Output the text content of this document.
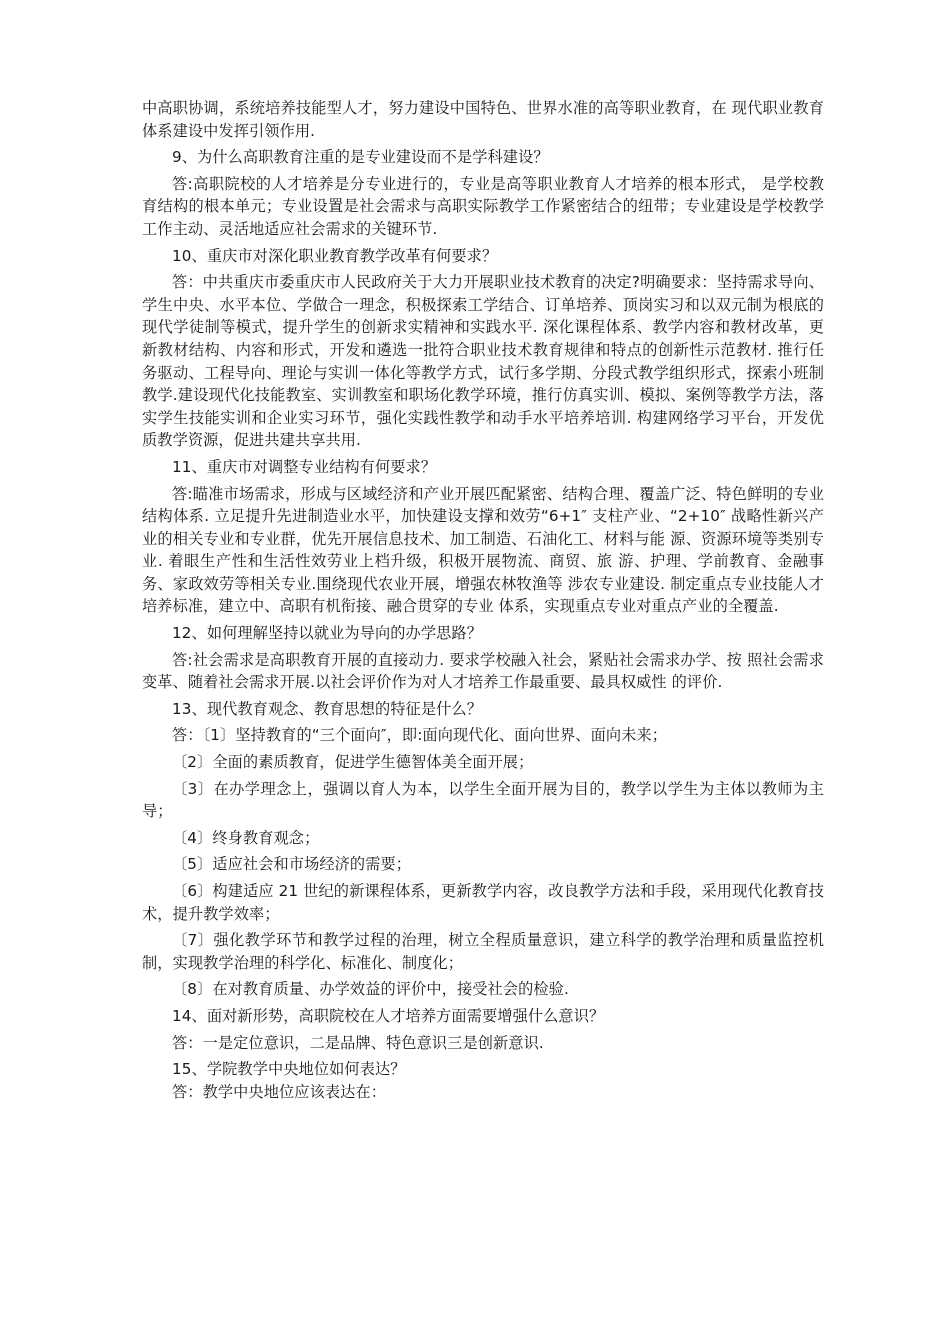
中高职协调，系统培养技能型人才，努力建设中国特色、世界水准的高等职业教育，在 现代职业教育体系建设中发挥引领作用.

9、为什么高职教育注重的是专业建设而不是学科建设？

答:高职院校的人才培养是分专业进行的，专业是高等职业教育人才培养的根本形式， 是学校教育结构的根本单元；专业设置是社会需求与高职实际教学工作紧密结合的纽带；专业建设是学校教学工作主动、灵活地适应社会需求的关键环节.

10、重庆市对深化职业教育教学改革有何要求？

答：中共重庆市委重庆市人民政府关于大力开展职业技术教育的决定?明确要求：坚持需求导向、学生中央、水平本位、学做合一理念，积极探索工学结合、订单培养、顶岗实习和以双元制为根底的现代学徒制等模式，提升学生的创新求实精神和实践水平. 深化课程体系、教学内容和教材改革，更新教材结构、内容和形式，开发和遴选一批符合职业技术教育规律和特点的创新性示范教材. 推行任务驱动、工程导向、理论与实训一体化等教学方式，试行多学期、分段式教学组织形式，探索小班制教学.建设现代化技能教室、实训教室和职场化教学环境，推行仿真实训、模拟、案例等教学方法，落实学生技能实训和企业实习环节，强化实践性教学和动手水平培养培训. 构建网络学习平台，开发优质教学资源，促进共建共享共用.

11、重庆市对调整专业结构有何要求？

答:瞄准市场需求，形成与区域经济和产业开展匹配紧密、结构合理、覆盖广泛、特色鲜明的专业结构体系. 立足提升先进制造业水平，加快建设支撑和效劳“6+1″ 支柱产业、“2+10″ 战略性新兴产业的相关专业和专业群，优先开展信息技术、加工制造、石油化工、材料与能 源、资源环境等类别专业. 着眼生产性和生活性效劳业上档升级，积极开展物流、商贸、旅 游、护理、学前教育、金融事务、家政效劳等相关专业.围绕现代农业开展，增强农林牧渔等 涉农专业建设. 制定重点专业技能人才培养标准，建立中、高职有机衔接、融合贯穿的专业 体系，实现重点专业对重点产业的全覆盖.

12、如何理解坚持以就业为导向的办学思路？

答:社会需求是高职教育开展的直接动力. 要求学校融入社会，紧贴社会需求办学、按 照社会需求变革、随着社会需求开展.以社会评价作为对人才培养工作最重要、最具权威性 的评价.

13、现代教育观念、教育思想的特征是什么？

答：〔1〕坚持教育的“三个面向″，即:面向现代化、面向世界、面向未来；

〔2〕全面的素质教育，促进学生德智体美全面开展；

〔3〕在办学理念上，强调以育人为本，以学生全面开展为目的，教学以学生为主体以教师为主导；

〔4〕终身教育观念；

〔5〕适应社会和市场经济的需要；

〔6〕构建适应 21 世纪的新课程体系，更新教学内容，改良教学方法和手段，采用现代化教育技术，提升教学效率；

〔7〕强化教学环节和教学过程的治理，树立全程质量意识，建立科学的教学治理和质量监控机制，实现教学治理的科学化、标准化、制度化；

〔8〕在对教育质量、办学效益的评价中，接受社会的检验.

14、面对新形势，高职院校在人才培养方面需要增强什么意识？

答：一是定位意识，二是品牌、特色意识三是创新意识.

15、学院教学中央地位如何表达？

答：教学中央地位应该表达在：
